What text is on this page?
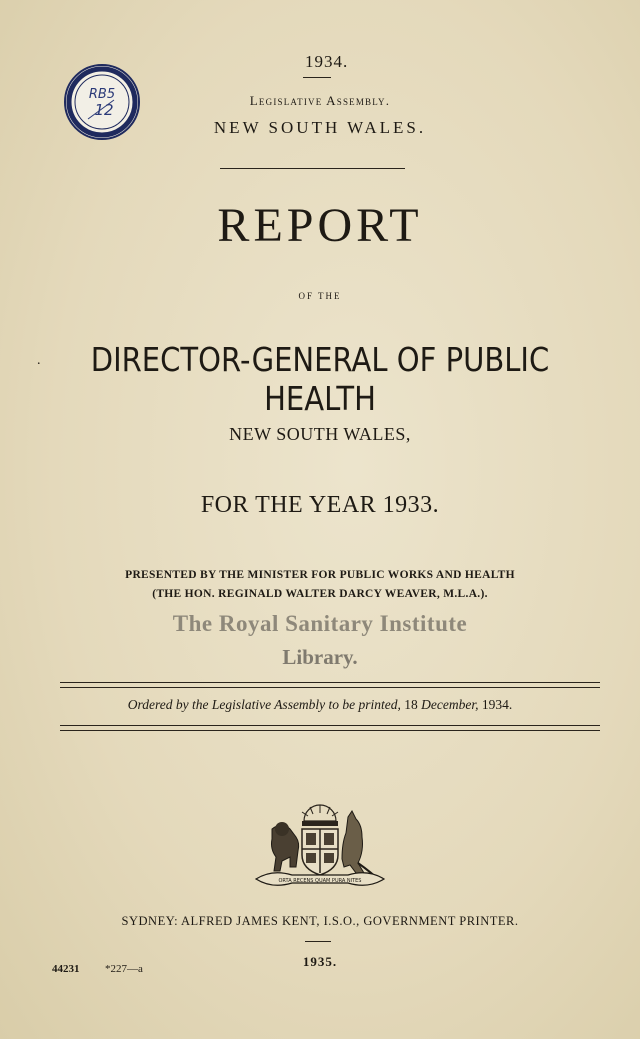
RB5
12
1934.
Legislative Assembly.
NEW SOUTH WALES.
REPORT
OF THE
.	DIRECTOR-GENERAL OF PUBLIC HEALTH
NEW SOUTH WALES,
FOR THE YEAR 1933.
PRESENTED BY THE MINISTER FOR PUBLIC WORKS AND HEALTH
(THE HON. REGINALD WALTER DARCY WEAVER, M.L.A.).
The Royal Sanitary Institute
Library.
Ordered by the Legislative Assembly to be printed, 18 December, 1934.
ORTA RECENS QUAM PURA NITES
SYDNEY: ALFRED JAMES KENT, I.S.O., GOVERNMENT PRINTER.
1935.
44231 *227—a
